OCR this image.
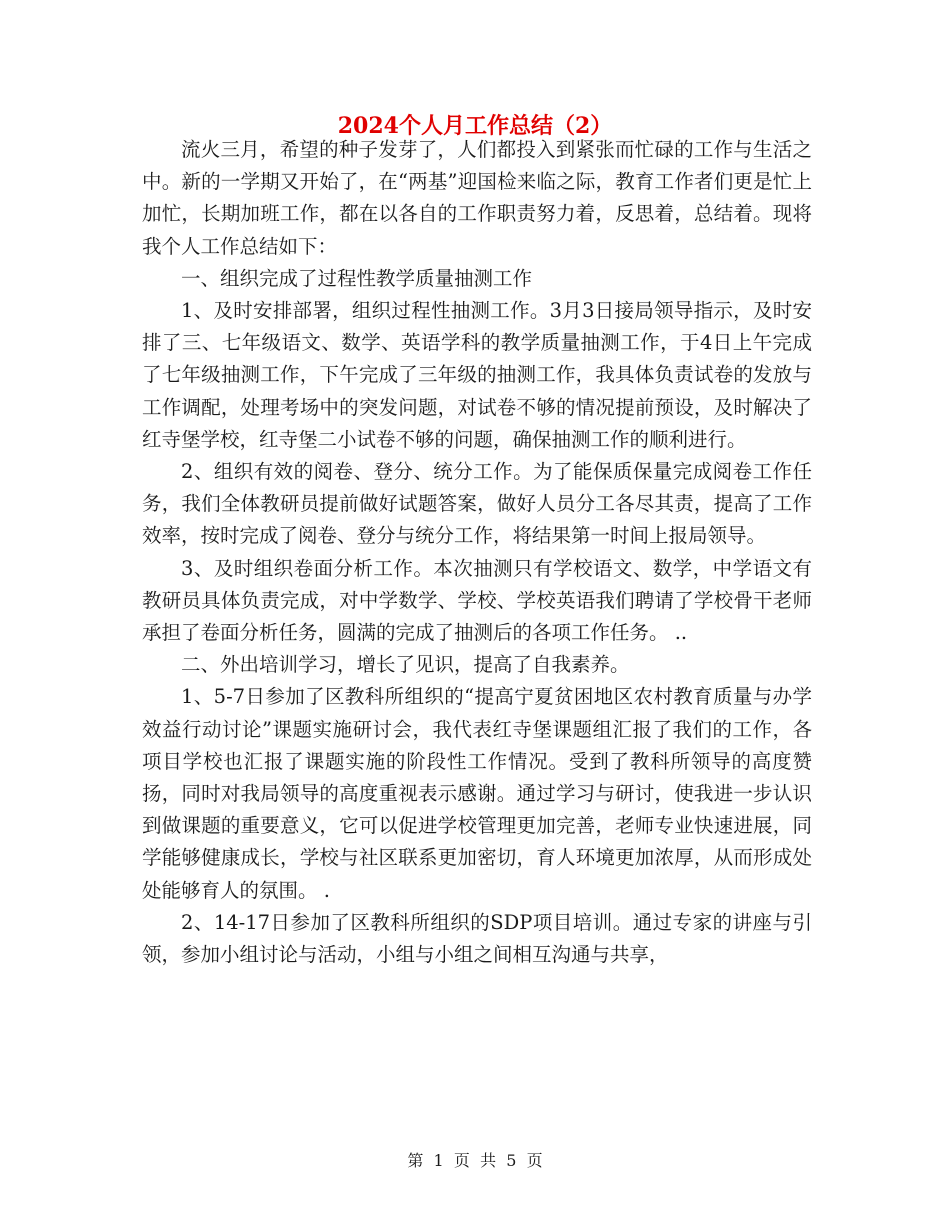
2024个人月工作总结（2）

流火三月，希望的种子发芽了，人们都投入到紧张而忙碌的工作与生活之中。新的一学期又开始了，在“两基”迎国检来临之际，教育工作者们更是忙上加忙，长期加班工作，都在以各自的工作职责努力着，反思着，总结着。现将我个人工作总结如下：

一、组织完成了过程性教学质量抽测工作

1、及时安排部署，组织过程性抽测工作。3月3日接局领导指示，及时安排了三、七年级语文、数学、英语学科的教学质量抽测工作，于4日上午完成了七年级抽测工作，下午完成了三年级的抽测工作，我具体负责试卷的发放与工作调配，处理考场中的突发问题，对试卷不够的情况提前预设，及时解决了红寺堡学校，红寺堡二小试卷不够的问题，确保抽测工作的顺利进行。

2、组织有效的阅卷、登分、统分工作。为了能保质保量完成阅卷工作任务，我们全体教研员提前做好试题答案，做好人员分工各尽其责，提高了工作效率，按时完成了阅卷、登分与统分工作，将结果第一时间上报局领导。

3、及时组织卷面分析工作。本次抽测只有学校语文、数学，中学语文有教研员具体负责完成，对中学数学、学校、学校英语我们聘请了学校骨干老师承担了卷面分析任务，圆满的完成了抽测后的各项工作任务。 ..

二、外出培训学习，增长了见识，提高了自我素养。

1、5-7日参加了区教科所组织的“提高宁夏贫困地区农村教育质量与办学效益行动讨论”课题实施研讨会，我代表红寺堡课题组汇报了我们的工作，各项目学校也汇报了课题实施的阶段性工作情况。受到了教科所领导的高度赞扬，同时对我局领导的高度重视表示感谢。通过学习与研讨，使我进一步认识到做课题的重要意义，它可以促进学校管理更加完善，老师专业快速进展，同学能够健康成长，学校与社区联系更加密切，育人环境更加浓厚，从而形成处处能够育人的氛围。 .

2、14-17日参加了区教科所组织的SDP项目培训。通过专家的讲座与引领，参加小组讨论与活动，小组与小组之间相互沟通与共享，

第  1  页  共  5  页
